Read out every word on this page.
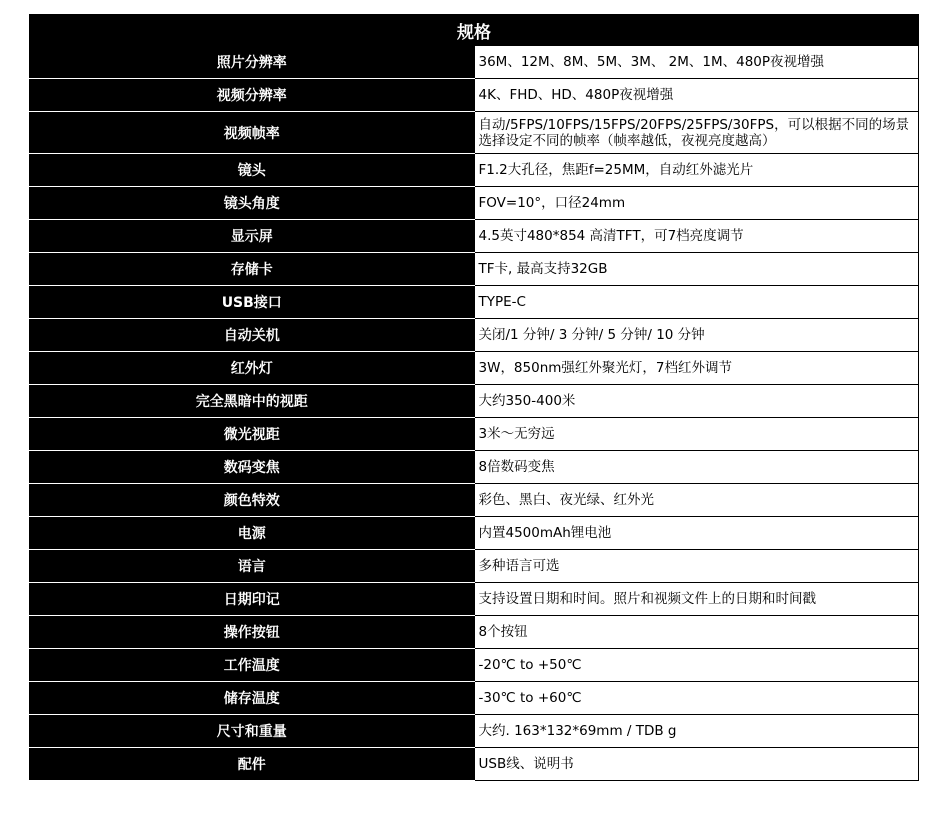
规格	
照片分辨率	36M、12M、8M、5M、3M、 2M、1M、480P夜视增强
视频分辨率	4K、FHD、HD、480P夜视增强
视频帧率	自动/5FPS/10FPS/15FPS/20FPS/25FPS/30FPS，可以根据不同的场景选择设定不同的帧率（帧率越低，夜视亮度越高）
镜头	F1.2大孔径，焦距f=25MM，自动红外滤光片
镜头角度	FOV=10°，口径24mm
显示屏	4.5英寸480*854 高清TFT，可7档亮度调节
存储卡	TF卡, 最高支持32GB
USB接口	TYPE-C
自动关机	关闭/1 分钟/ 3 分钟/ 5 分钟/ 10 分钟
红外灯	3W，850nm强红外聚光灯，7档红外调节
完全黑暗中的视距	大约350-400米
微光视距	3米～无穷远
数码变焦	8倍数码变焦
颜色特效	彩色、黑白、夜光绿、红外光
电源	内置4500mAh锂电池
语言	多种语言可选
日期印记	支持设置日期和时间。照片和视频文件上的日期和时间戳
操作按钮	8个按钮
工作温度	-20℃ to +50℃
储存温度	-30℃ to +60℃
尺寸和重量	大约. 163*132*69mm / TDB g
配件	USB线、说明书
